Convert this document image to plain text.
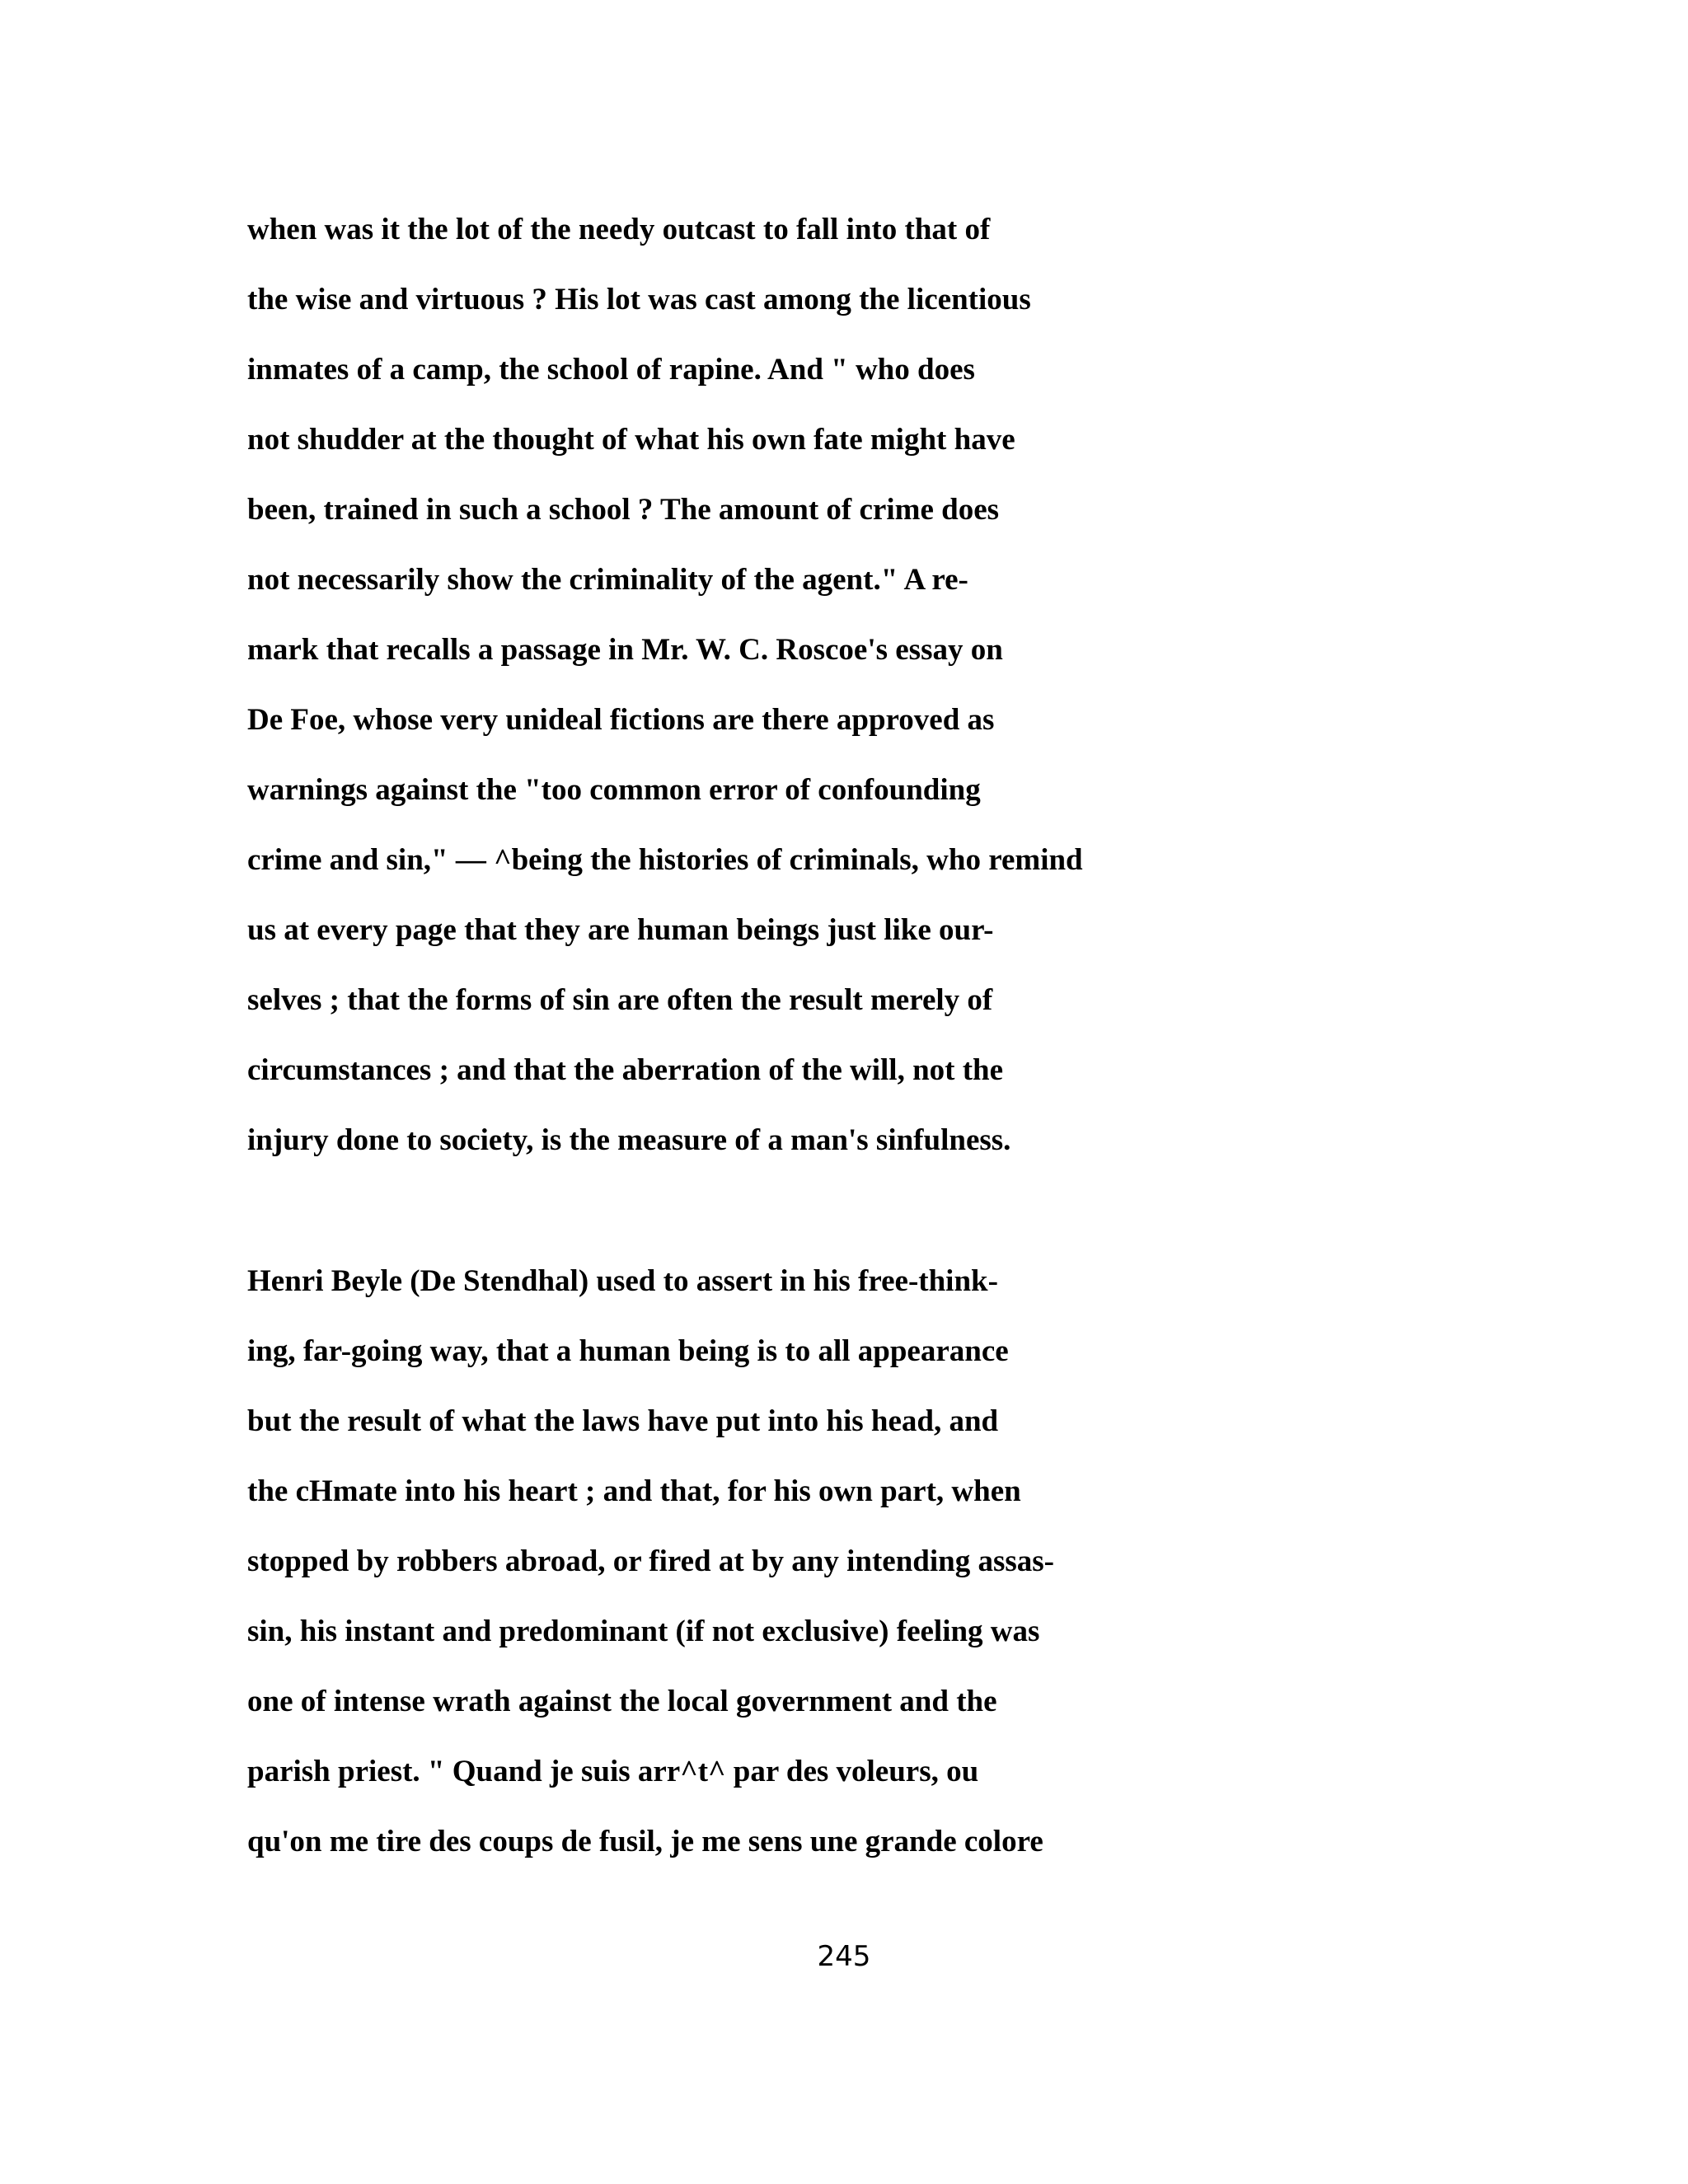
when was it the lot of the needy outcast to fall into that of
the wise and virtuous ? His lot was cast among the licentious
inmates of a camp, the school of rapine. And " who does
not shudder at the thought of what his own fate might have
been, trained in such a school ? The amount of crime does
not necessarily show the criminality of the agent." A re-
mark that recalls a passage in Mr. W. C. Roscoe's essay on
De Foe, whose very unideal fictions are there approved as
warnings against the "too common error of confounding
crime and sin," — ^being the histories of criminals, who remind
us at every page that they are human beings just like our-
selves ; that the forms of sin are often the result merely of
circumstances ; and that the aberration of the will, not the
injury done to society, is the measure of a man's sinfulness.
Henri Beyle (De Stendhal) used to assert in his free-think-
ing, far-going way, that a human being is to all appearance
but the result of what the laws have put into his head, and
the cHmate into his heart ; and that, for his own part, when
stopped by robbers abroad, or fired at by any intending assas-
sin, his instant and predominant (if not exclusive) feeling was
one of intense wrath against the local government and the
parish priest. " Quand je suis arr^t^ par des voleurs, ou
qu'on me tire des coups de fusil, je me sens une grande colore
245
